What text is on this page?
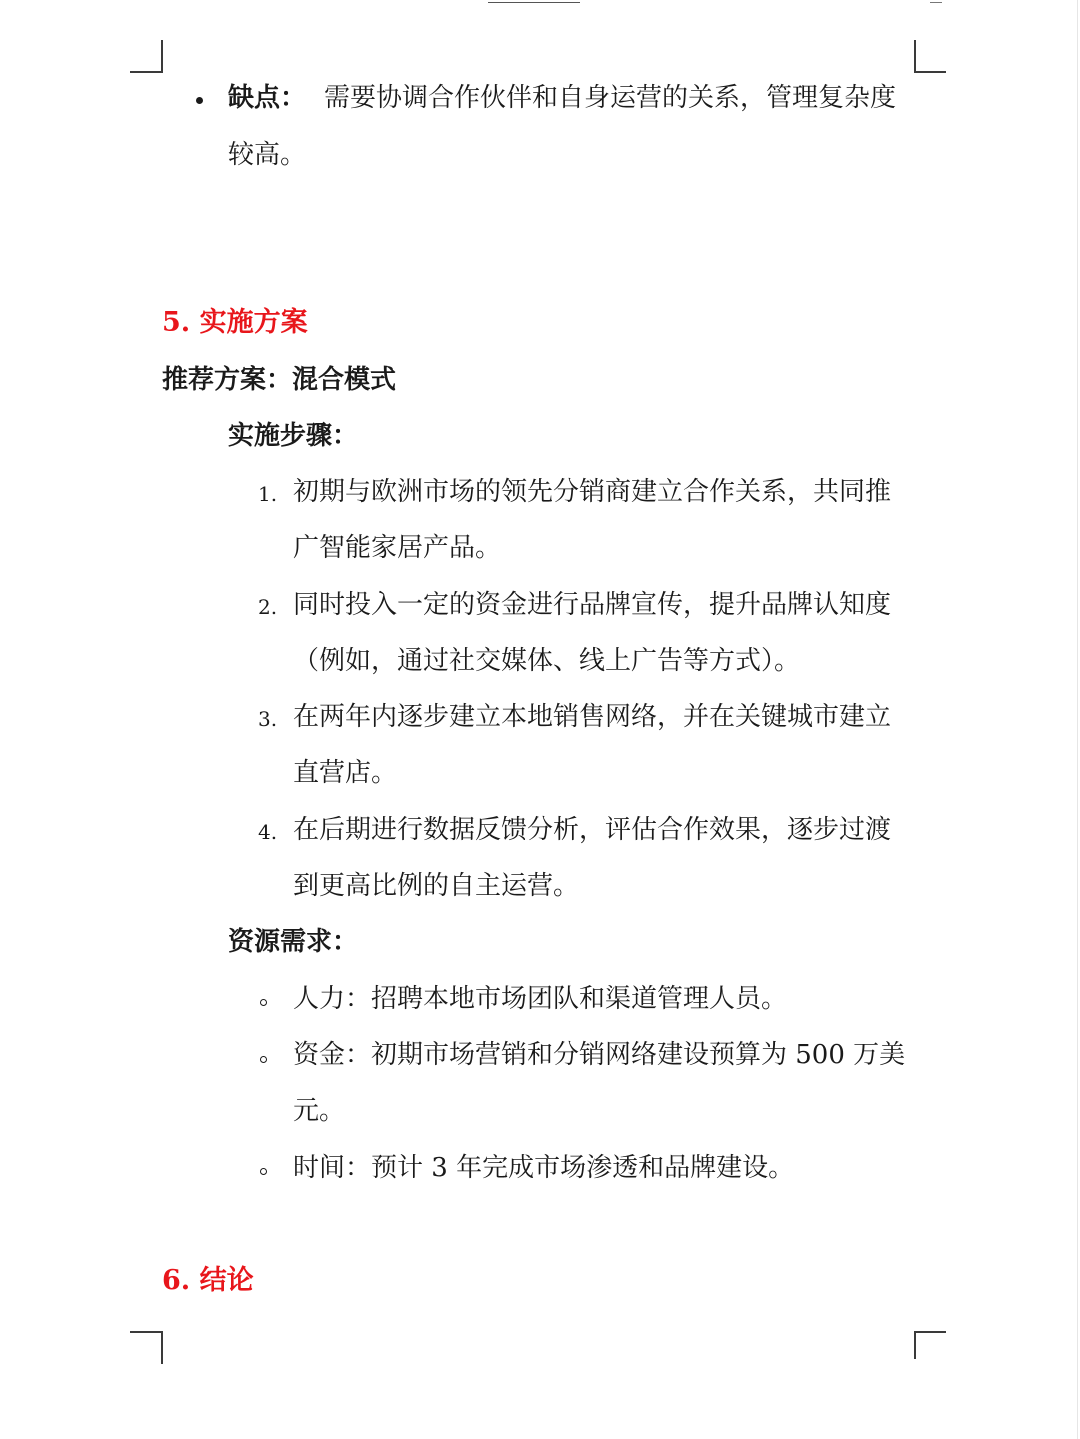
缺点： 需要协调合作伙伴和自身运营的关系，管理复杂度
较高。
5. 实施方案
推荐方案：混合模式
实施步骤：
1. 初期与欧洲市场的领先分销商建立合作关系，共同推
广智能家居产品。
2. 同时投入一定的资金进行品牌宣传，提升品牌认知度
（例如，通过社交媒体、线上广告等方式）。
3. 在两年内逐步建立本地销售网络，并在关键城市建立
直营店。
4. 在后期进行数据反馈分析，评估合作效果，逐步过渡
到更高比例的自主运营。
资源需求：
人力：招聘本地市场团队和渠道管理人员。
资金：初期市场营销和分销网络建设预算为 500 万美
元。
时间：预计 3 年完成市场渗透和品牌建设。
6. 结论
